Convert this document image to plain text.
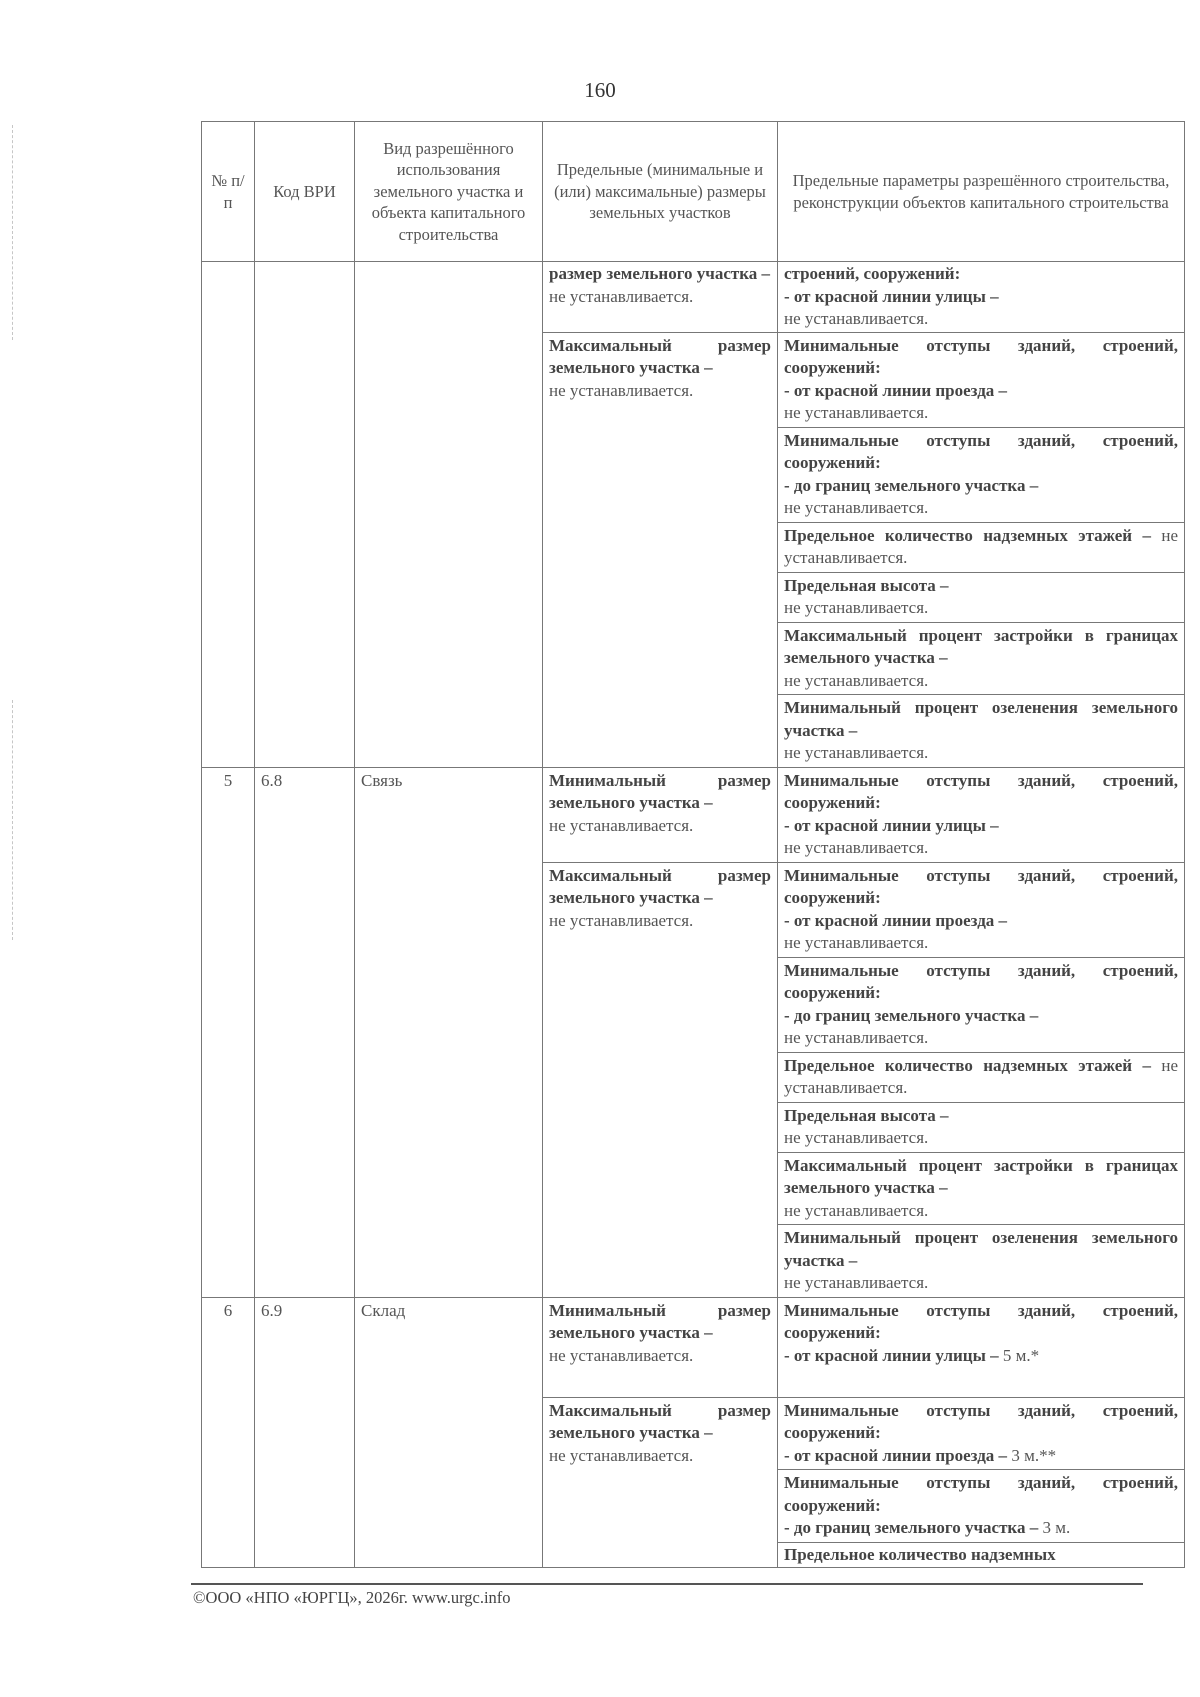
160
№ п/п	Код ВРИ	Вид разрешённого использования земельного участка и объекта капитального строительства	Предельные (минимальные и (или) максимальные) размеры земельных участков	Предельные параметры разрешённого строительства, реконструкции объектов капитального строительства
			размер земельного участка –
не устанавливается.	строений, сооружений:
- от красной линии улицы –
не устанавливается.
			Максимальный размер земельного участка –
не устанавливается.	Минимальные отступы зданий, строений, сооружений:
- от красной линии проезда –
не устанавливается.
				Минимальные отступы зданий, строений, сооружений:
- до границ земельного участка –
не устанавливается.
				Предельное количество надземных этажей – не устанавливается.
				Предельная высота –
не устанавливается.
				Максимальный процент застройки в границах земельного участка –
не устанавливается.
				Минимальный процент озеленения земельного участка –
не устанавливается.

5	6.8	Связь	Минимальный размер земельного участка –
не устанавливается.	Минимальные отступы зданий, строений, сооружений:
- от красной линии улицы –
не устанавливается.
			Максимальный размер земельного участка –
не устанавливается.	Минимальные отступы зданий, строений, сооружений:
- от красной линии проезда –
не устанавливается.
				Минимальные отступы зданий, строений, сооружений:
- до границ земельного участка –
не устанавливается.
				Предельное количество надземных этажей – не устанавливается.
				Предельная высота –
не устанавливается.
				Максимальный процент застройки в границах земельного участка –
не устанавливается.
				Минимальный процент озеленения земельного участка –
не устанавливается.
6	6.9	Склад	Минимальный размер земельного участка –
не устанавливается.	Минимальные отступы зданий, строений, сооружений:
- от красной линии улицы – 5 м.*
			Максимальный размер земельного участка –
не устанавливается.	Минимальные отступы зданий, строений, сооружений:
- от красной линии проезда – 3 м.**
				Минимальные отступы зданий, строений, сооружений:
- до границ земельного участка – 3 м.
				Предельное количество надземных
©ООО «НПО «ЮРГЦ», 2026г. www.urgc.info
